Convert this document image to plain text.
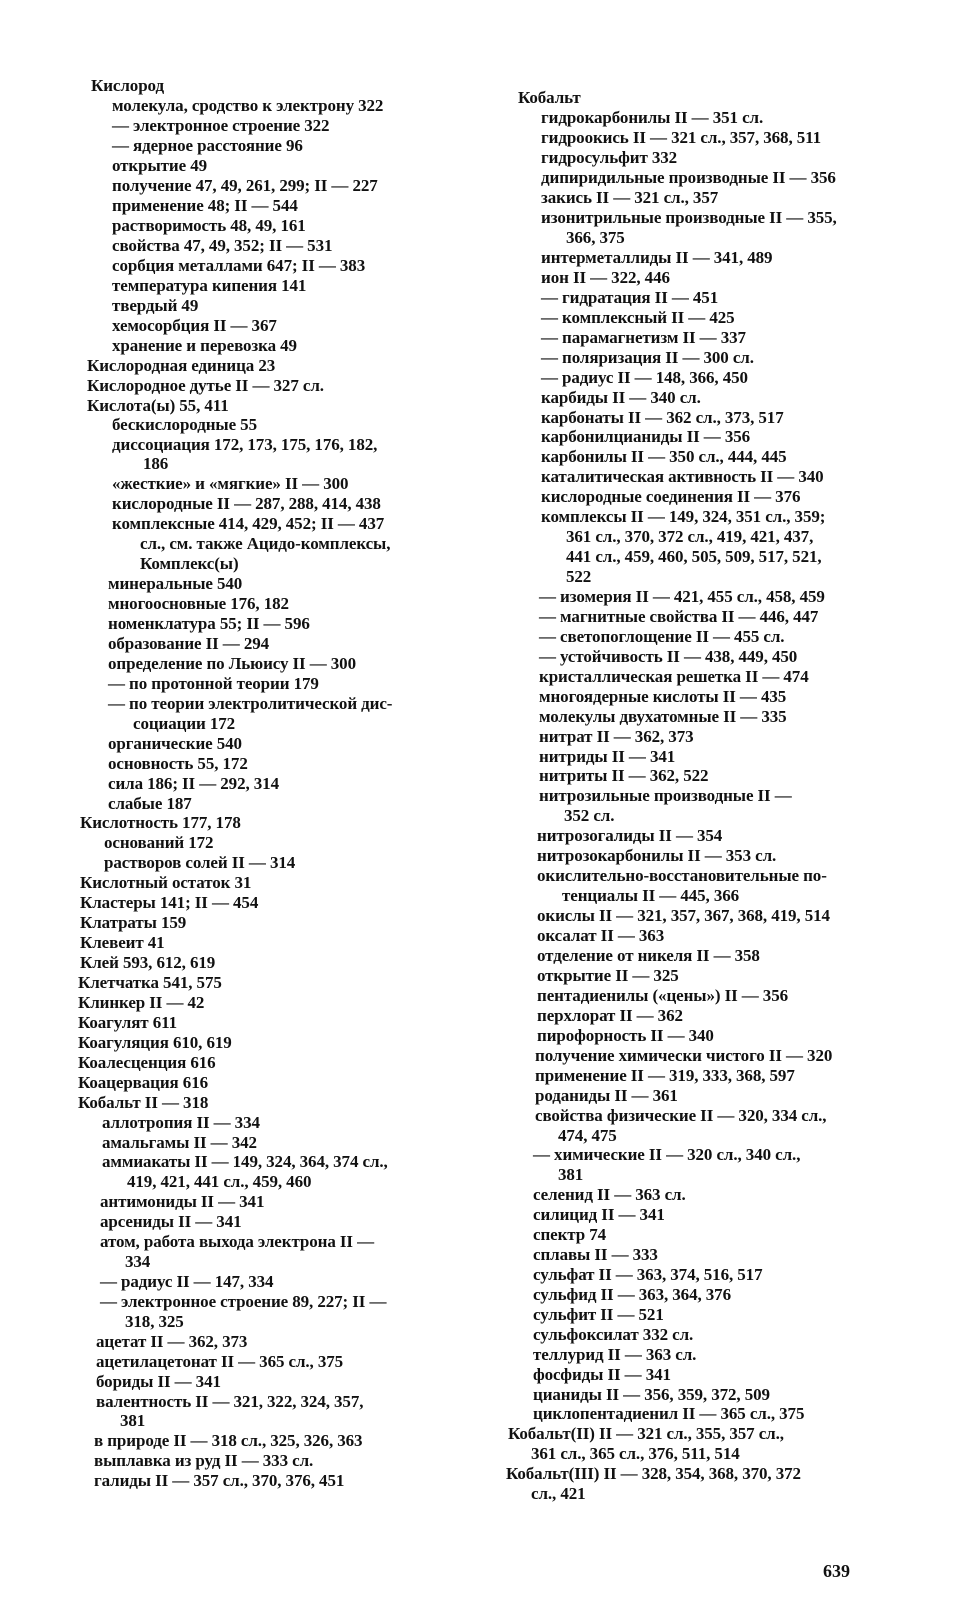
Кислород
молекула, сродство к электрону 322
— электронное строение 322
— ядерное расстояние 96
открытие 49
получение 47, 49, 261, 299; II — 227
применение 48; II — 544
растворимость 48, 49, 161
свойства 47, 49, 352; II — 531
сорбция металлами 647; II — 383
температура кипения 141
твердый 49
хемосорбция II — 367
хранение и перевозка 49
Кислородная единица 23
Кислородное дутье II — 327 сл.
Кислота(ы) 55, 411
бескислородные 55
диссоциация 172, 173, 175, 176, 182,
186
«жесткие» и «мягкие» II — 300
кислородные II — 287, 288, 414, 438
комплексные 414, 429, 452; II — 437
сл., см. также Ацидо-комплексы,
Комплекс(ы)
минеральные 540
многоосновные 176, 182
номенклатура 55; II — 596
образование II — 294
определение по Льюису II — 300
— по протонной теории 179
— по теории электролитической дис-
социации 172
органические 540
основность 55, 172
сила 186; II — 292, 314
слабые 187
Кислотность 177, 178
оснований 172
растворов солей II — 314
Кислотный остаток 31
Кластеры 141; II — 454
Клатраты 159
Клевеит 41
Клей 593, 612, 619
Клетчатка 541, 575
Клинкер II — 42
Коагулят 611
Коагуляция 610, 619
Коалесценция 616
Коацервация 616
Кобальт II — 318
аллотропия II — 334
амальгамы II — 342
аммиакаты II — 149, 324, 364, 374 сл.,
419, 421, 441 сл., 459, 460
антимониды II — 341
арсениды II — 341
атом, работа выхода электрона II —
334
— радиус II — 147, 334
— электронное строение 89, 227; II —
318, 325
ацетат II — 362, 373
ацетилацетонат II — 365 сл., 375
бориды II — 341
валентность II — 321, 322, 324, 357,
381
в природе II — 318 сл., 325, 326, 363
выплавка из руд II — 333 сл.
галиды II — 357 сл., 370, 376, 451
Кобальт
гидрокарбонилы II — 351 сл.
гидроокись II — 321 сл., 357, 368, 511
гидросульфит 332
дипиридильные производные II — 356
закись II — 321 сл., 357
изонитрильные производные II — 355,
366, 375
интерметаллиды II — 341, 489
ион II — 322, 446
— гидратация II — 451
— комплексный II — 425
— парамагнетизм II — 337
— поляризация II — 300 сл.
— радиус II — 148, 366, 450
карбиды II — 340 сл.
карбонаты II — 362 сл., 373, 517
карбонилцианиды II — 356
карбонилы II — 350 сл., 444, 445
каталитическая активность II — 340
кислородные соединения II — 376
комплексы II — 149, 324, 351 сл., 359;
361 сл., 370, 372 сл., 419, 421, 437,
441 сл., 459, 460, 505, 509, 517, 521,
522
— изомерия II — 421, 455 сл., 458, 459
— магнитные свойства II — 446, 447
— светопоглощение II — 455 сл.
— устойчивость II — 438, 449, 450
кристаллическая решетка II — 474
многоядерные кислоты II — 435
молекулы двухатомные II — 335
нитрат II — 362, 373
нитриды II — 341
нитриты II — 362, 522
нитрозильные производные II —
352 сл.
нитрозогалиды II — 354
нитрозокарбонилы II — 353 сл.
окислительно-восстановительные по-
тенциалы II — 445, 366
окислы II — 321, 357, 367, 368, 419, 514
оксалат II — 363
отделение от никеля II — 358
открытие II — 325
пентадиенилы («цены») II — 356
перхлорат II — 362
пирофорность II — 340
получение химически чистого II — 320
применение II — 319, 333, 368, 597
роданиды II — 361
свойства физические II — 320, 334 сл.,
474, 475
— химические II — 320 сл., 340 сл.,
381
селенид II — 363 сл.
силицид II — 341
спектр 74
сплавы II — 333
сульфат II — 363, 374, 516, 517
сульфид II — 363, 364, 376
сульфит II — 521
сульфоксилат 332 сл.
теллурид II — 363 сл.
фосфиды II — 341
цианиды II — 356, 359, 372, 509
циклопентадиенил II — 365 сл., 375
Кобальт(II) II — 321 сл., 355, 357 сл.,
361 сл., 365 сл., 376, 511, 514
Кобальт(III) II — 328, 354, 368, 370, 372
сл., 421
639
